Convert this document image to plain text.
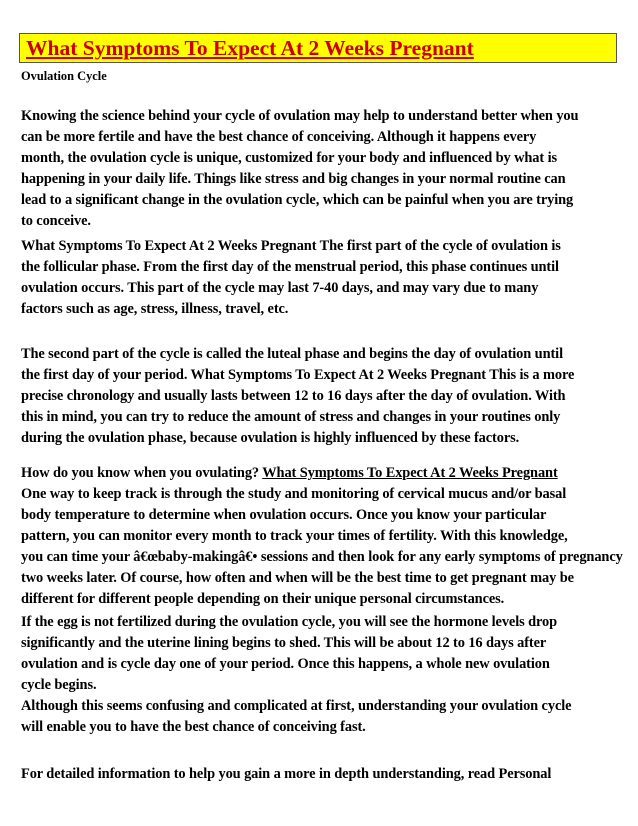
What Symptoms To Expect At 2 Weeks Pregnant
Ovulation Cycle
Knowing the science behind your cycle of ovulation may help to understand better when you
can be more fertile and have the best chance of conceiving. Although it happens every
month, the ovulation cycle is unique, customized for your body and influenced by what is
happening in your daily life. Things like stress and big changes in your normal routine can
lead to a significant change in the ovulation cycle, which can be painful when you are trying
to conceive.
What Symptoms To Expect At 2 Weeks Pregnant The first part of the cycle of ovulation is
the follicular phase. From the first day of the menstrual period, this phase continues until
ovulation occurs. This part of the cycle may last 7-40 days, and may vary due to many
factors such as age, stress, illness, travel, etc.
The second part of the cycle is called the luteal phase and begins the day of ovulation until
the first day of your period. What Symptoms To Expect At 2 Weeks Pregnant This is a more
precise chronology and usually lasts between 12 to 16 days after the day of ovulation. With
this in mind, you can try to reduce the amount of stress and changes in your routines only
during the ovulation phase, because ovulation is highly influenced by these factors.
How do you know when you ovulating? What Symptoms To Expect At 2 Weeks Pregnant
One way to keep track is through the study and monitoring of cervical mucus and/or basal
body temperature to determine when ovulation occurs. Once you know your particular
pattern, you can monitor every month to track your times of fertility. With this knowledge,
you can time your â€œbaby-makingâ€• sessions and then look for any early symptoms of pregnancy
two weeks later. Of course, how often and when will be the best time to get pregnant may be
different for different people depending on their unique personal circumstances.
If the egg is not fertilized during the ovulation cycle, you will see the hormone levels drop
significantly and the uterine lining begins to shed. This will be about 12 to 16 days after
ovulation and is cycle day one of your period. Once this happens, a whole new ovulation
cycle begins.
Although this seems confusing and complicated at first, understanding your ovulation cycle
will enable you to have the best chance of conceiving fast.
For detailed information to help you gain a more in depth understanding, read Personal
